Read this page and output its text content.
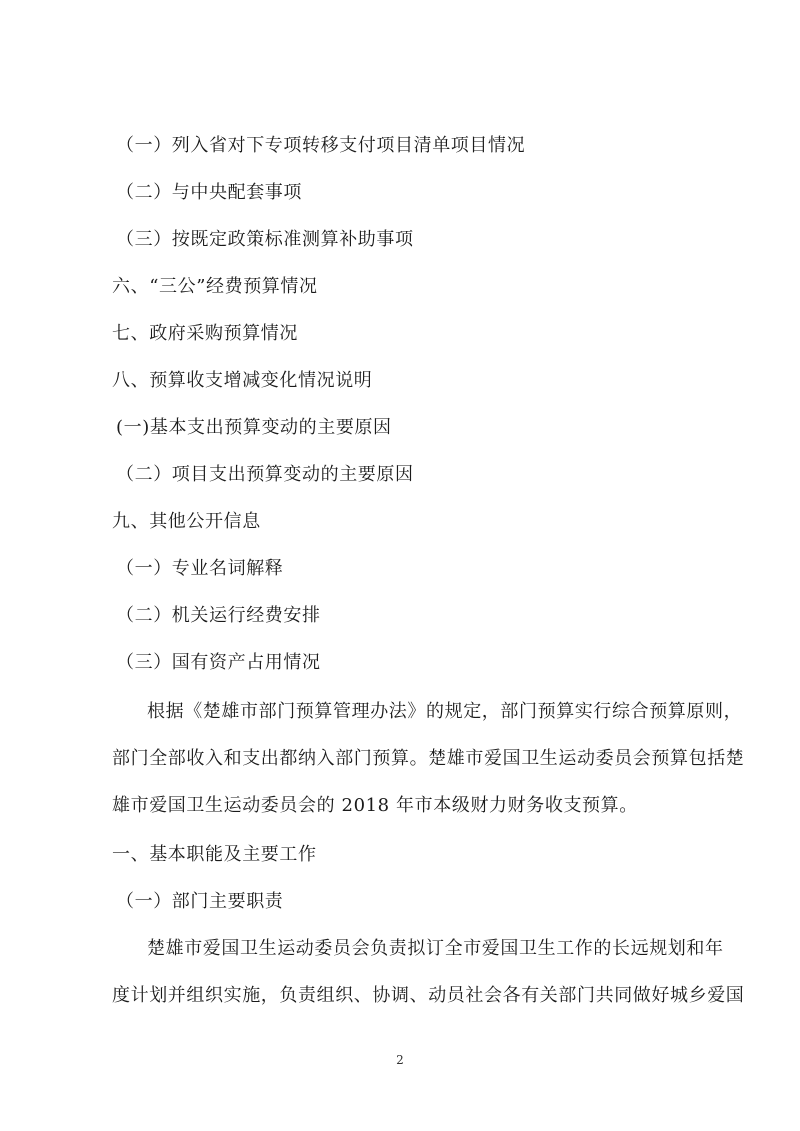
（一）列入省对下专项转移支付项目清单项目情况
（二）与中央配套事项
（三）按既定政策标准测算补助事项
六、“三公”经费预算情况
七、政府采购预算情况
八、预算收支增减变化情况说明
(一)基本支出预算变动的主要原因
（二）项目支出预算变动的主要原因
九、其他公开信息
（一）专业名词解释
（二）机关运行经费安排
（三）国有资产占用情况
根据《楚雄市部门预算管理办法》的规定，部门预算实行综合预算原则，
部门全部收入和支出都纳入部门预算。楚雄市爱国卫生运动委员会预算包括楚
雄市爱国卫生运动委员会的 2018 年市本级财力财务收支预算。
一、基本职能及主要工作
（一）部门主要职责
楚雄市爱国卫生运动委员会负责拟订全市爱国卫生工作的长远规划和年
度计划并组织实施，负责组织、协调、动员社会各有关部门共同做好城乡爱国
2
